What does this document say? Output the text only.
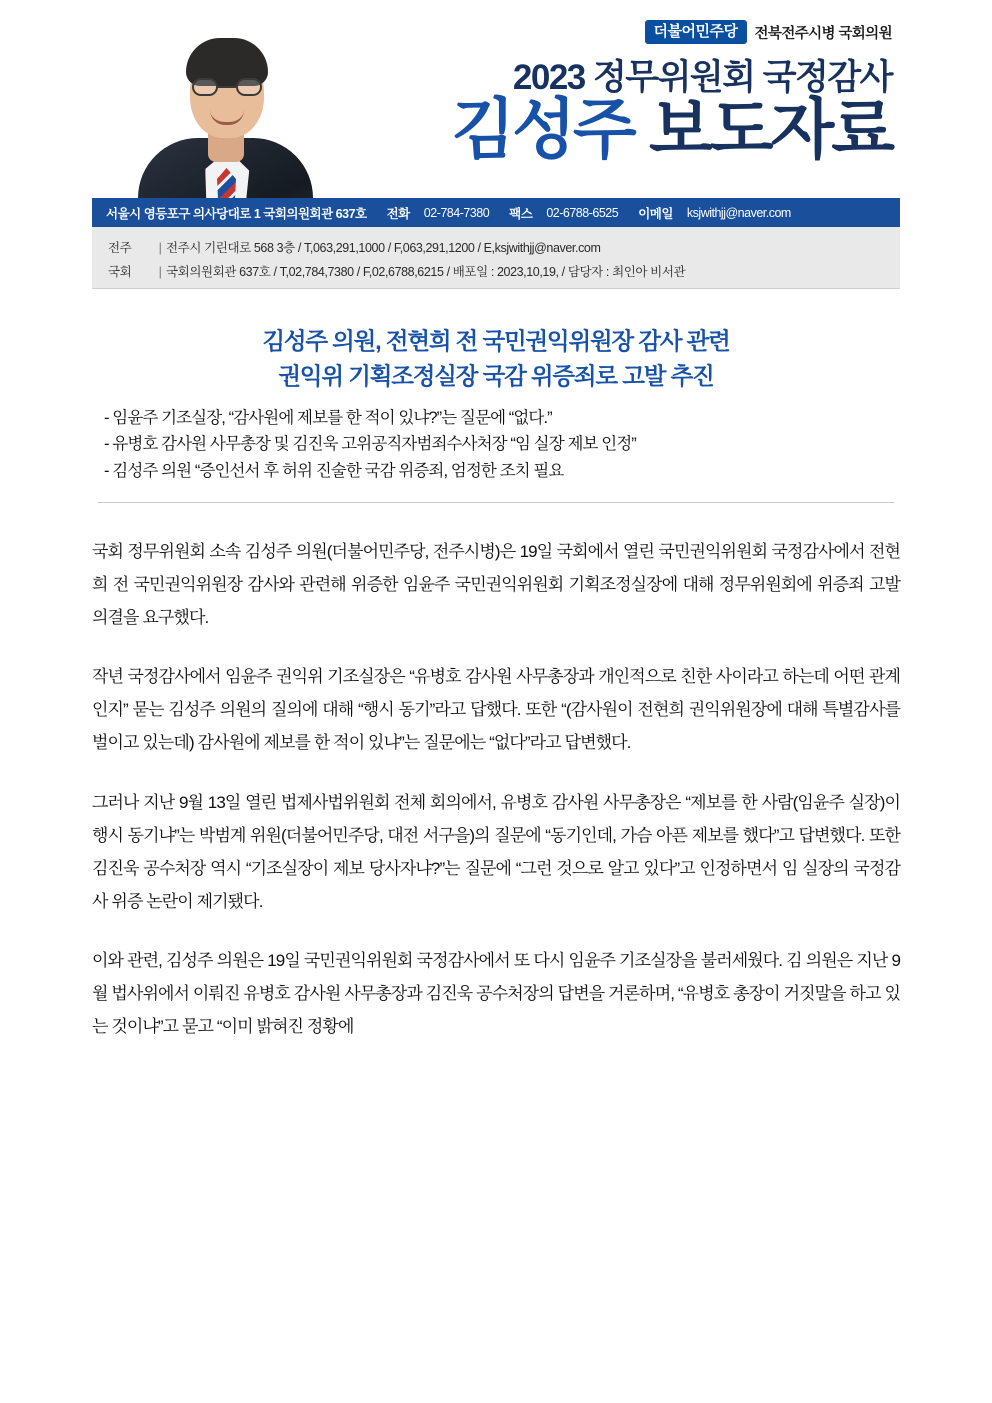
더불어민주당	전북전주시병 국회의원
2023 정무위원회 국정감사
김성주 보도자료
서울시 영등포구 의사당대로 1 국회의원회관 637호 전화 02-784-7380 팩스 02-6788-6525 이메일 ksjwithjj@naver.com
전주	| 전주시 기린대로 568 3층 / T,063,291,1000 / F,063,291,1200 / E,ksjwithjj@naver.com
국회	| 국회의원회관 637호 / T,02,784,7380 / F,02,6788,6215 / 배포일 : 2023,10,19, / 담당자 : 최인아 비서관
김성주 의원, 전현희 전 국민권익위원장 감사 관련
권익위 기획조정실장 국감 위증죄로 고발 추진
- 임윤주 기조실장, “감사원에 제보를 한 적이 있냐?”는 질문에 “없다.”
- 유병호 감사원 사무총장 및 김진욱 고위공직자범죄수사처장 “임 실장 제보 인정”
- 김성주 의원 “증인선서 후 허위 진술한 국감 위증죄, 엄정한 조치 필요

국회 정무위원회 소속 김성주 의원(더불어민주당, 전주시병)은 19일 국회에서 열린 국민권익위원회 국정감사에서 전현희 전 국민권익위원장 감사와 관련해 위증한 임윤주 국민권익위원회 기획조정실장에 대해 정무위원회에 위증죄 고발 의결을 요구했다.

작년 국정감사에서 임윤주 권익위 기조실장은 “유병호 감사원 사무총장과 개인적으로 친한 사이라고 하는데 어떤 관계인지” 묻는 김성주 의원의 질의에 대해 “행시 동기”라고 답했다. 또한 “(감사원이 전현희 권익위원장에 대해 특별감사를 벌이고 있는데) 감사원에 제보를 한 적이 있냐”는 질문에는 “없다”라고 답변했다.

그러나 지난 9월 13일 열린 법제사법위원회 전체 회의에서, 유병호 감사원 사무총장은 “제보를 한 사람(임윤주 실장)이 행시 동기냐”는 박범계 위원(더불어민주당, 대전 서구을)의 질문에 “동기인데, 가슴 아픈 제보를 했다”고 답변했다. 또한 김진욱 공수처장 역시 “기조실장이 제보 당사자냐?”는 질문에 “그런 것으로 알고 있다”고 인정하면서 임 실장의 국정감사 위증 논란이 제기됐다.

이와 관련, 김성주 의원은 19일 국민권익위원회 국정감사에서 또 다시 임윤주 기조실장을 불러세웠다. 김 의원은 지난 9월 법사위에서 이뤄진 유병호 감사원 사무총장과 김진욱 공수처장의 답변을 거론하며, “유병호 총장이 거짓말을 하고 있는 것이냐”고 묻고 “이미 밝혀진 정황에
